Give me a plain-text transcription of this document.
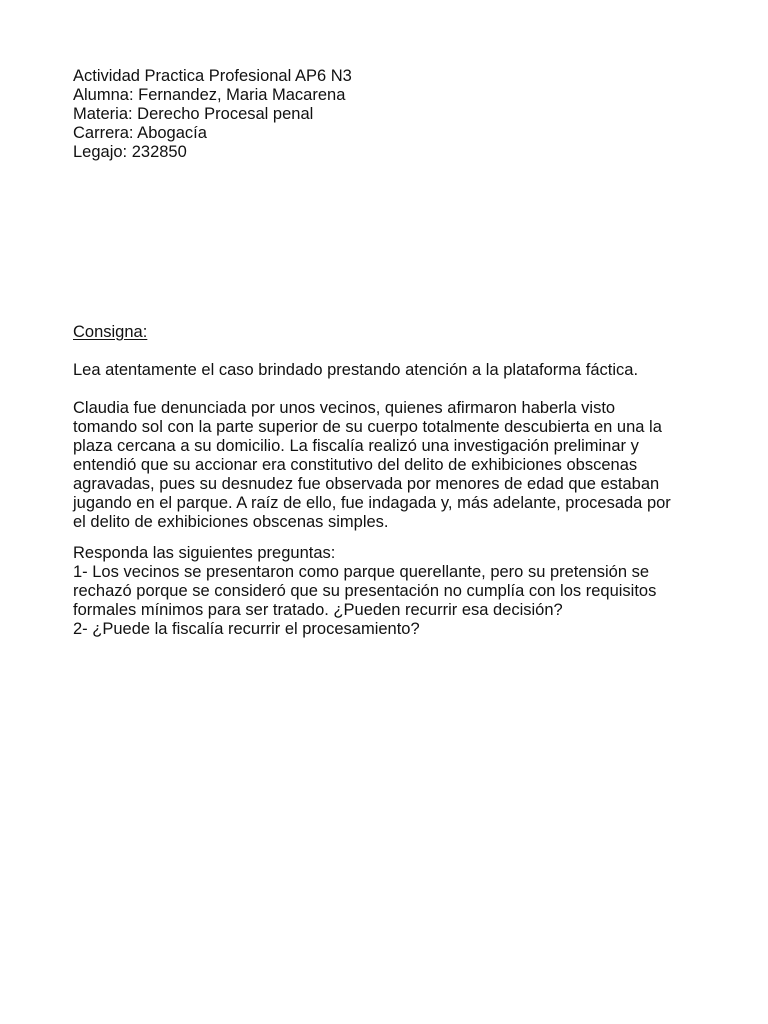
Actividad Practica Profesional AP6 N3
Alumna: Fernandez, Maria Macarena
Materia: Derecho Procesal penal
Carrera: Abogacía
Legajo: 232850
Consigna:
Lea atentamente el caso brindado prestando atención a la plataforma fáctica.
Claudia fue denunciada por unos vecinos, quienes afirmaron haberla visto
tomando sol con la parte superior de su cuerpo totalmente descubierta en una la
plaza cercana a su domicilio. La fiscalía realizó una investigación preliminar y
entendió que su accionar era constitutivo del delito de exhibiciones obscenas
agravadas, pues su desnudez fue observada por menores de edad que estaban
jugando en el parque. A raíz de ello, fue indagada y, más adelante, procesada por
el delito de exhibiciones obscenas simples.
Responda las siguientes preguntas:
1- Los vecinos se presentaron como parque querellante, pero su pretensión se
rechazó porque se consideró que su presentación no cumplía con los requisitos
formales mínimos para ser tratado. ¿Pueden recurrir esa decisión?
2- ¿Puede la fiscalía recurrir el procesamiento?
